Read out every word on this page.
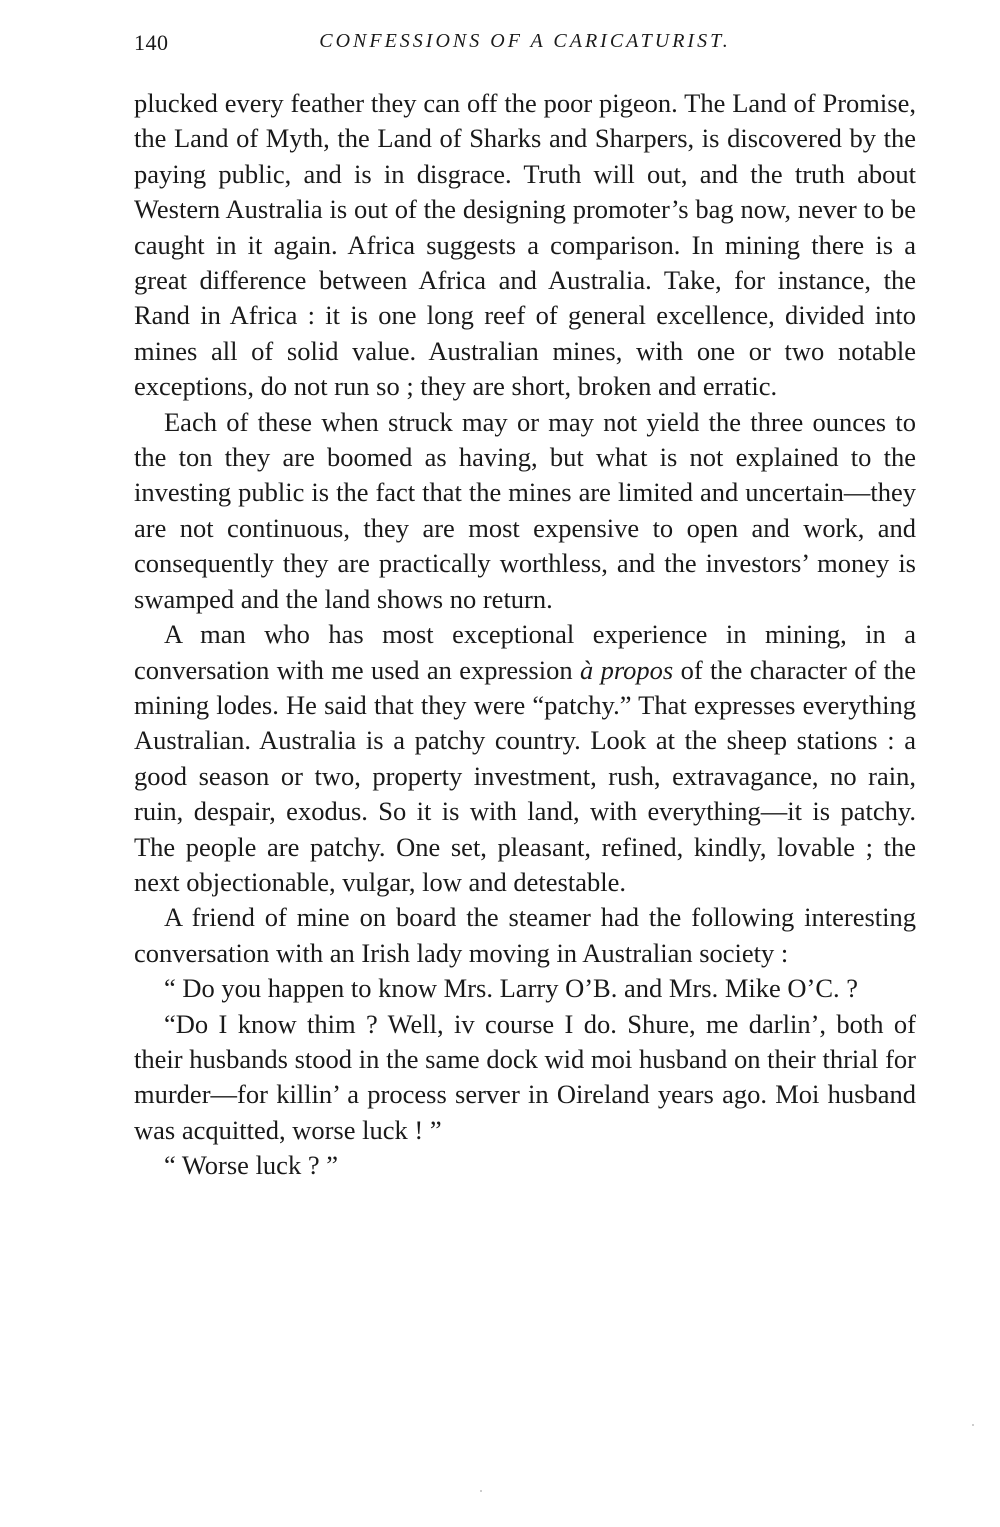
140	CONFESSIONS OF A CARICATURIST.

plucked every feather they can off the poor pigeon. The Land of Promise, the Land of Myth, the Land of Sharks and Sharpers, is discovered by the paying public, and is in disgrace. Truth will out, and the truth about Western Australia is out of the designing promoter’s bag now, never to be caught in it again. Africa suggests a comparison. In mining there is a great difference between Africa and Australia. Take, for instance, the Rand in Africa : it is one long reef of general excellence, divided into mines all of solid value. Australian mines, with one or two notable exceptions, do not run so ; they are short, broken and erratic.

Each of these when struck may or may not yield the three ounces to the ton they are boomed as having, but what is not explained to the investing public is the fact that the mines are limited and uncertain—they are not continuous, they are most expensive to open and work, and consequently they are practically worthless, and the investors’ money is swamped and the land shows no return.

A man who has most exceptional experience in mining, in a conversation with me used an expression à propos of the character of the mining lodes. He said that they were “patchy.” That expresses everything Australian. Australia is a patchy country. Look at the sheep stations : a good season or two, property investment, rush, extravagance, no rain, ruin, despair, exodus. So it is with land, with everything—it is patchy. The people are patchy. One set, pleasant, refined, kindly, lovable ; the next objectionable, vulgar, low and detestable.

A friend of mine on board the steamer had the following interesting conversation with an Irish lady moving in Australian society :

“ Do you happen to know Mrs. Larry O’B. and Mrs. Mike O’C. ?

“Do I know thim ? Well, iv course I do. Shure, me darlin’, both of their husbands stood in the same dock wid moi husband on their thrial for murder—for killin’ a process server in Oireland years ago. Moi husband was acquitted, worse luck ! ”

“ Worse luck ? ”
